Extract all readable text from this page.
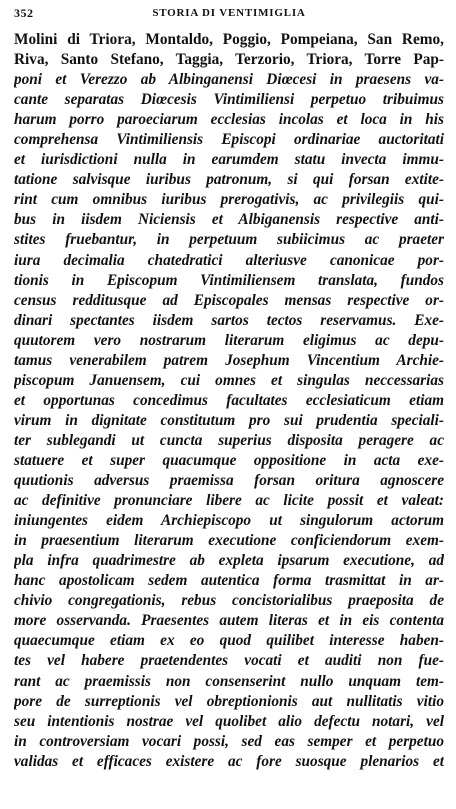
352	STORIA DI VENTIMIGLIA
Molini di Triora, Montaldo, Poggio, Pompeiana, San Remo,
Riva, Santo Stefano, Taggia, Terzorio, Triora, Torre Pap-
poni et Verezzo ab Albinganensi Diœcesi in praesens va-
cante separatas Diœcesis Vintimiliensi perpetuo tribuimus
harum porro paroeciarum ecclesias incolas et loca in his
comprehensa Vintimiliensis Episcopi ordinariae auctoritati
et iurisdictioni nulla in earumdem statu invecta immu-
tatione salvisque iuribus patronum, si qui forsan extite-
rint cum omnibus iuribus prerogativis, ac privilegiis qui-
bus in iisdem Niciensis et Albiganensis respective anti-
stites fruebantur, in perpetuum subiicimus ac praeter
iura decimalia chatedratici alteriusve canonicae por-
tionis in Episcopum Vintimiliensem translata, fundos
census redditusque ad Episcopales mensas respective or-
dinari spectantes iisdem sartos tectos reservamus. Exe-
quutorem vero nostrarum literarum eligimus ac depu-
tamus venerabilem patrem Josephum Vincentium Archie-
piscopum Januensem, cui omnes et singulas neccessarias
et opportunas concedimus facultates ecclesiaticum etiam
virum in dignitate constitutum pro sui prudentia speciali-
ter sublegandi ut cuncta superius disposita peragere ac
statuere et super quacumque oppositione in acta exe-
quutionis adversus praemissa forsan oritura agnoscere
ac definitive pronunciare libere ac licite possit et valeat:
iniungentes eidem Archiepiscopo ut singulorum actorum
in praesentium literarum executione conficiendorum exem-
pla infra quadrimestre ab expleta ipsarum executione, ad
hanc apostolicam sedem autentica forma trasmittat in ar-
chivio congregationis, rebus concistorialibus praeposita de
more osservanda. Praesentes autem literas et in eis contenta
quaecumque etiam ex eo quod quilibet interesse haben-
tes vel habere praetendentes vocati et auditi non fue-
rant ac praemissis non consenserint nullo unquam tem-
pore de surreptionis vel obreptionionis aut nullitatis vitio
seu intentionis nostrae vel quolibet alio defectu notari, vel
in controversiam vocari possi, sed eas semper et perpetuo
validas et efficaces existere ac fore suosque plenarios et
